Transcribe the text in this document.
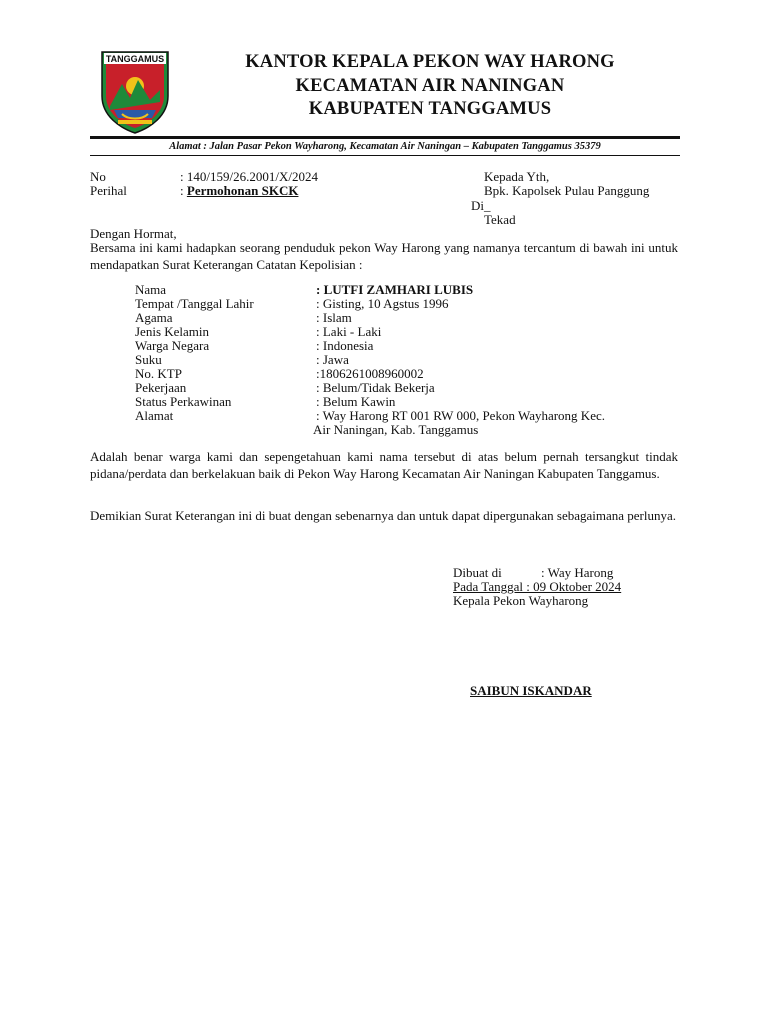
TANGGAMUS	KANTOR KEPALA PEKON WAY HARONG
KECAMATAN AIR NANINGAN
KABUPATEN TANGGAMUS
Alamat : Jalan Pasar Pekon Wayharong, Kecamatan Air Naningan – Kabupaten Tanggamus 35379
No	: 140/159/26.2001/X/2024
Perihal	: Permohonan SKCK
Kepada Yth,
Bpk. Kapolsek Pulau Panggung
Di_
Tekad
Dengan Hormat,
Bersama ini kami hadapkan seorang penduduk pekon Way Harong yang namanya tercantum di bawah ini untuk mendapatkan Surat Keterangan Catatan Kepolisian :
Nama	: LUTFI ZAMHARI LUBIS
Tempat /Tanggal Lahir	: Gisting, 10 Agstus 1996
Agama	: Islam
Jenis Kelamin	: Laki - Laki
Warga Negara	: Indonesia
Suku	: Jawa
No. KTP	:1806261008960002
Pekerjaan	: Belum/Tidak Bekerja
Status Perkawinan	: Belum Kawin
Alamat	: Way Harong RT 001 RW 000, Pekon Wayharong Kec.
Air Naningan, Kab. Tanggamus
Adalah benar warga kami dan sepengetahuan kami nama tersebut di atas belum pernah tersangkut tindak pidana/perdata dan berkelakuan baik di Pekon Way Harong Kecamatan Air Naningan Kabupaten Tanggamus.
Demikian Surat Keterangan ini di buat dengan sebenarnya dan untuk dapat dipergunakan sebagaimana perlunya.
Dibuat di	: Way Harong
Pada Tanggal : 09 Oktober 2024
Kepala Pekon Wayharong
SAIBUN ISKANDAR
